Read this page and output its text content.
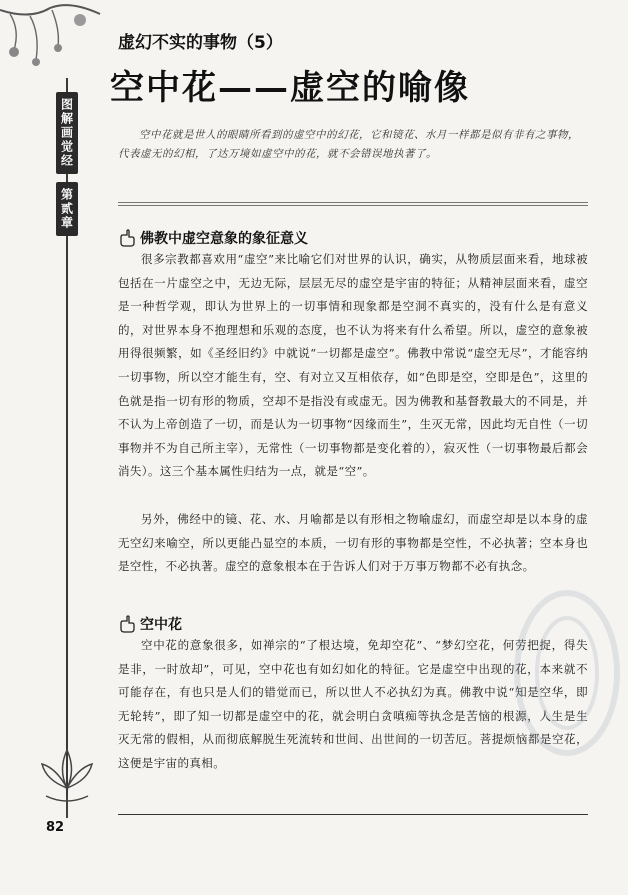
图解画觉经
第贰章
虚幻不实的事物（5）
空中花——虚空的喻像

空中花就是世人的眼睛所看到的虚空中的幻花，它和镜花、水月一样都是似有非有之事物，代表虚无的幻相，了达万境如虚空中的花，就不会错误地执著了。

佛教中虚空意象的象征意义

很多宗教都喜欢用“虚空”来比喻它们对世界的认识，确实，从物质层面来看，地球被包括在一片虚空之中，无边无际，层层无尽的虚空是宇宙的特征；从精神层面来看，虚空是一种哲学观，即认为世界上的一切事情和现象都是空洞不真实的，没有什么是有意义的，对世界本身不抱理想和乐观的态度，也不认为将来有什么希望。所以，虚空的意象被用得很频繁，如《圣经旧约》中就说“一切都是虚空”。佛教中常说“虚空无尽”，才能容纳一切事物，所以空才能生有，空、有对立又互相依存，如“色即是空，空即是色”，这里的色就是指一切有形的物质，空却不是指没有或虚无。因为佛教和基督教最大的不同是，并不认为上帝创造了一切，而是认为一切事物“因缘而生”，生灭无常，因此均无自性（一切事物并不为自己所主宰），无常性（一切事物都是变化着的），寂灭性（一切事物最后都会消失）。这三个基本属性归结为一点，就是“空”。

另外，佛经中的镜、花、水、月喻都是以有形相之物喻虚幻，而虚空却是以本身的虚无空幻来喻空，所以更能凸显空的本质，一切有形的事物都是空性，不必执著；空本身也是空性，不必执著。虚空的意象根本在于告诉人们对于万事万物都不必有执念。

空中花

空中花的意象很多，如禅宗的“了根达境，免却空花”、“梦幻空花，何劳把捉，得失是非，一时放却”，可见，空中花也有如幻如化的特征。它是虚空中出现的花，本来就不可能存在，有也只是人们的错觉而已，所以世人不必执幻为真。佛教中说“知是空华，即无轮转”，即了知一切都是虚空中的花，就会明白贪嗔痴等执念是苦恼的根源，人生是生灭无常的假相，从而彻底解脱生死流转和世间、出世间的一切苦厄。菩提烦恼都是空花，这便是宇宙的真相。

82
